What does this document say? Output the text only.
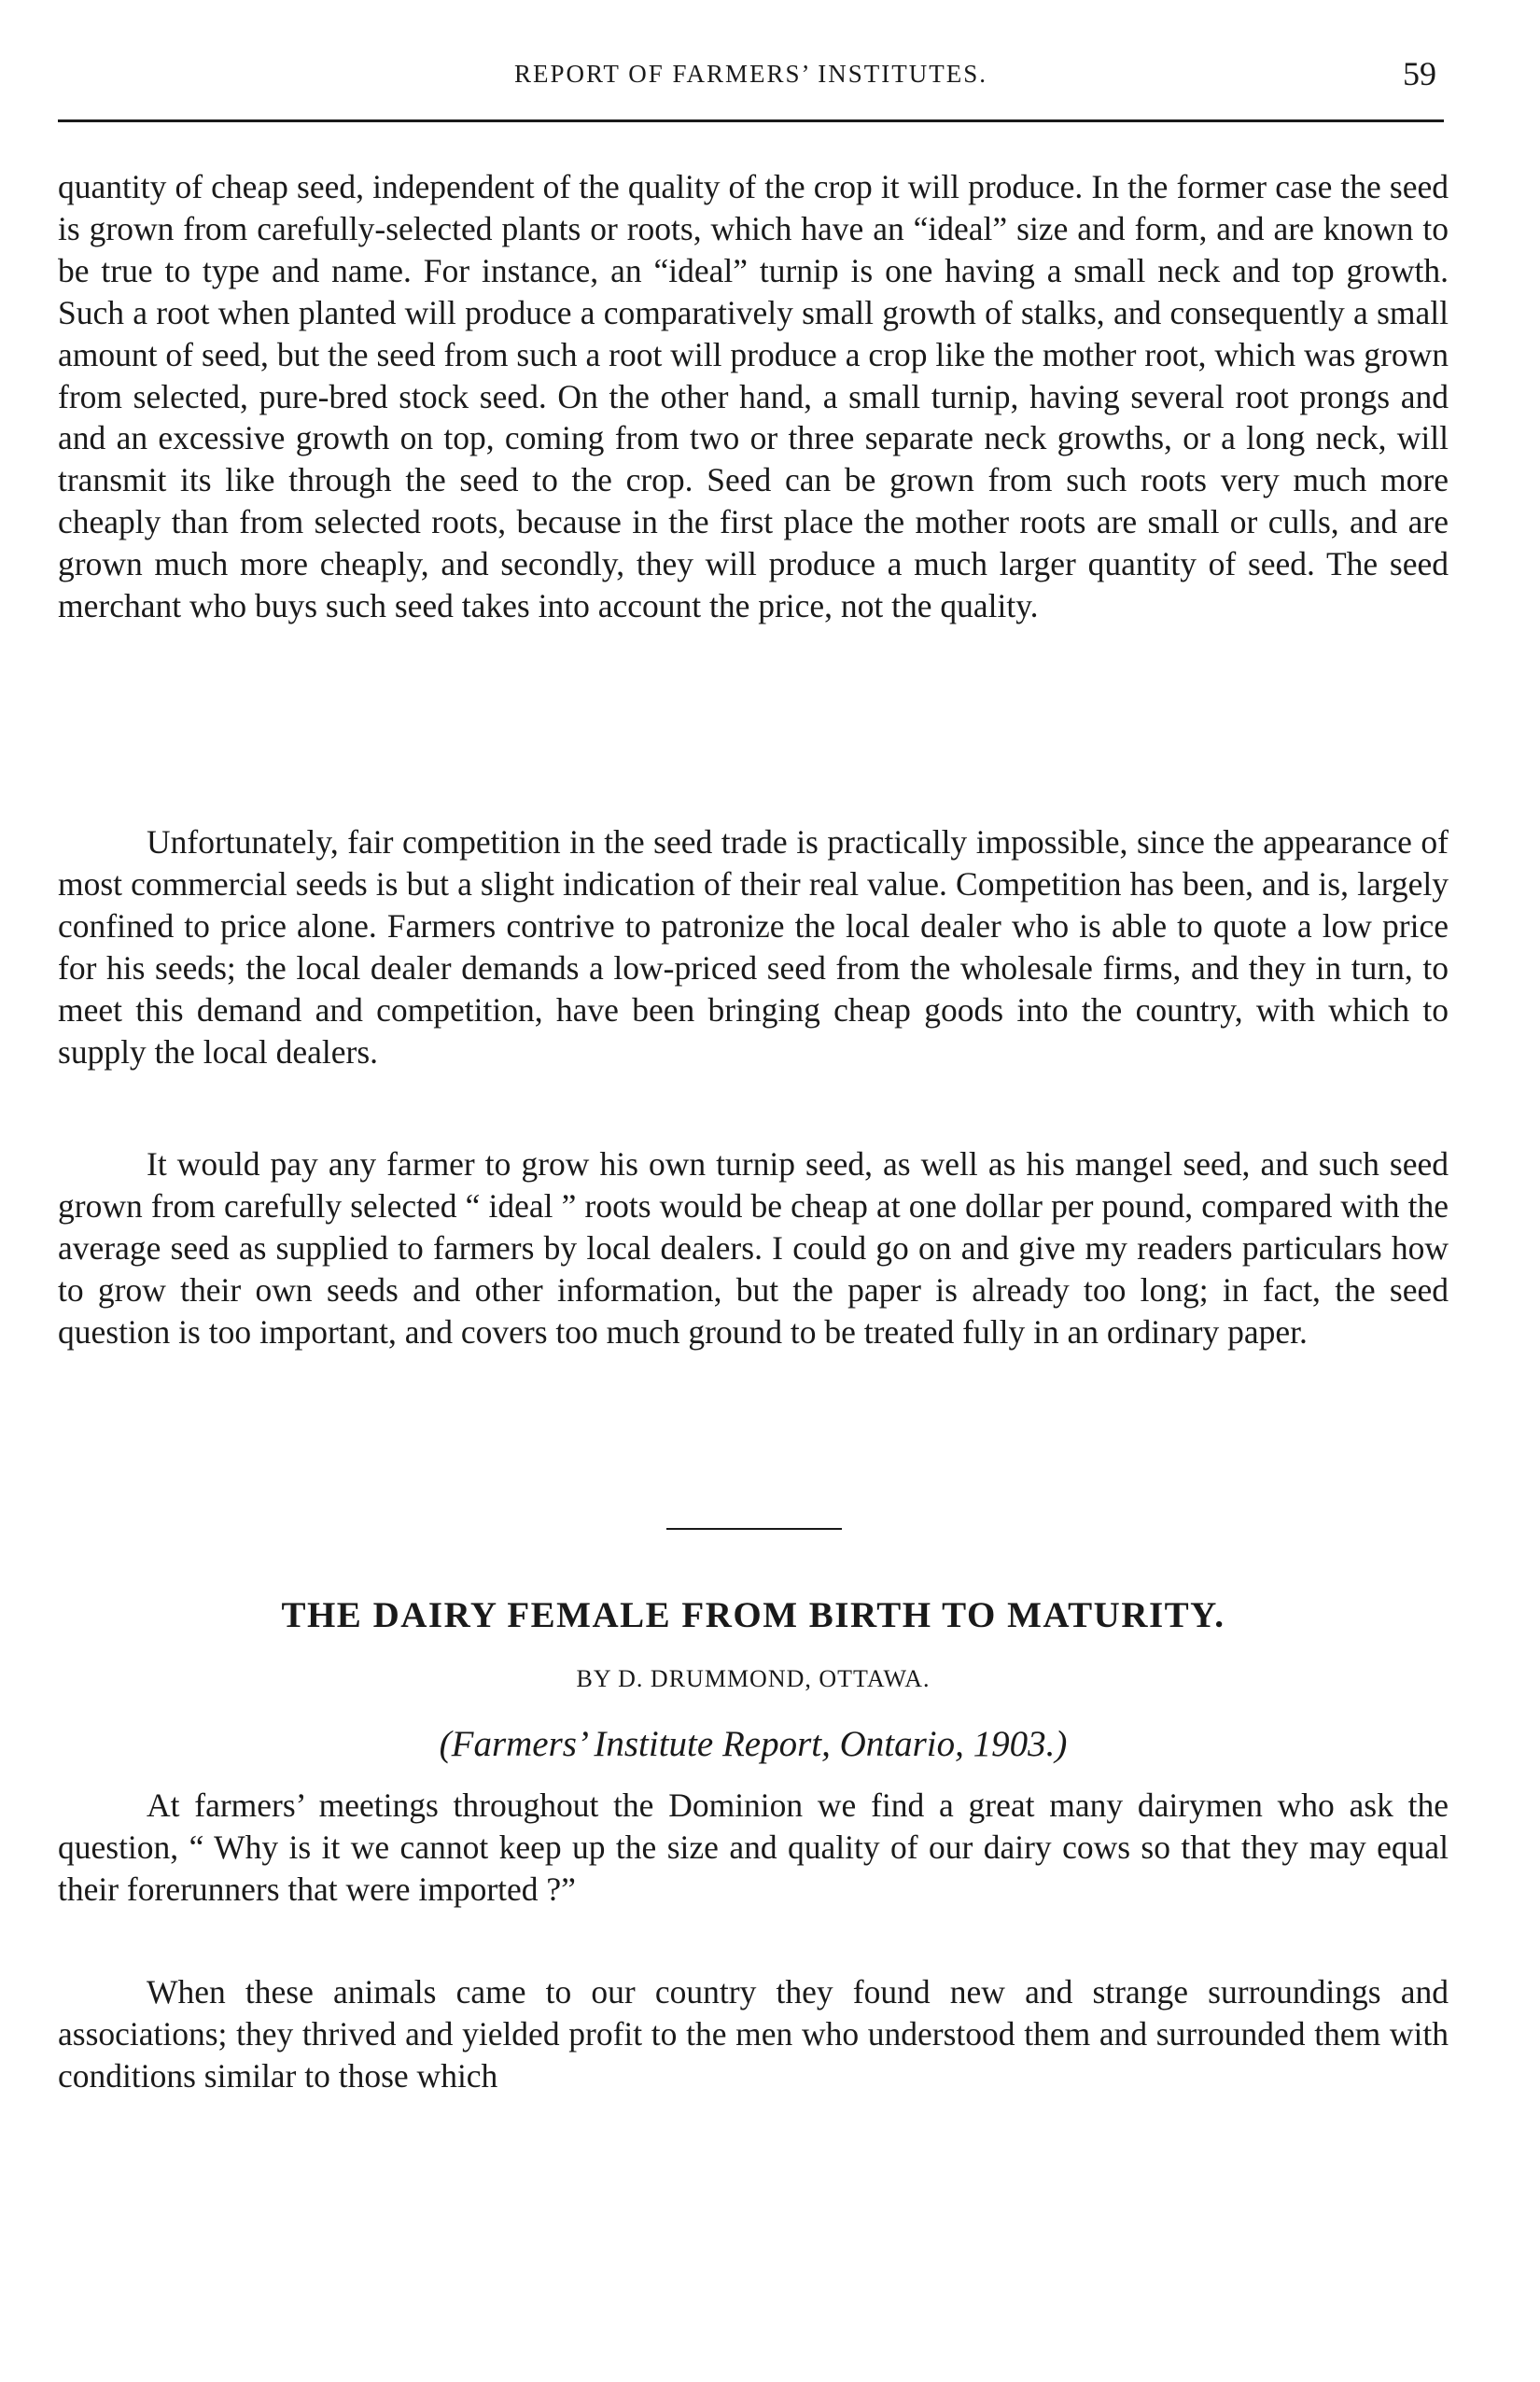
REPORT OF FARMERS’ INSTITUTES.	59

quantity of cheap seed, independent of the quality of the crop it will produce. In the former case the seed is grown from carefully-selected plants or roots, which have an “ideal” size and form, and are known to be true to type and name. For instance, an “ideal” turnip is one having a small neck and top growth. Such a root when planted will produce a comparatively small growth of stalks, and consequently a small amount of seed, but the seed from such a root will produce a crop like the mother root, which was grown from selected, pure-bred stock seed. On the other hand, a small turnip, having several root prongs and and an excessive growth on top, coming from two or three separate neck growths, or a long neck, will transmit its like through the seed to the crop. Seed can be grown from such roots very much more cheaply than from selected roots, because in the first place the mother roots are small or culls, and are grown much more cheaply, and secondly, they will produce a much larger quantity of seed. The seed merchant who buys such seed takes into account the price, not the quality.

Unfortunately, fair competition in the seed trade is practically impossible, since the appearance of most commercial seeds is but a slight indication of their real value. Competition has been, and is, largely confined to price alone. Farmers contrive to patronize the local dealer who is able to quote a low price for his seeds; the local dealer demands a low-priced seed from the wholesale firms, and they in turn, to meet this demand and competition, have been bringing cheap goods into the country, with which to supply the local dealers.

It would pay any farmer to grow his own turnip seed, as well as his mangel seed, and such seed grown from carefully selected “ ideal ” roots would be cheap at one dollar per pound, compared with the average seed as supplied to farmers by local dealers. I could go on and give my readers particulars how to grow their own seeds and other information, but the paper is already too long; in fact, the seed question is too important, and covers too much ground to be treated fully in an ordinary paper.

THE DAIRY FEMALE FROM BIRTH TO MATURITY.
BY D. DRUMMOND, OTTAWA.
(Farmers’ Institute Report, Ontario, 1903.)

At farmers’ meetings throughout the Dominion we find a great many dairymen who ask the question, “ Why is it we cannot keep up the size and quality of our dairy cows so that they may equal their forerunners that were imported ?”

When these animals came to our country they found new and strange surroundings and associations; they thrived and yielded profit to the men who understood them and surrounded them with conditions similar to those which
